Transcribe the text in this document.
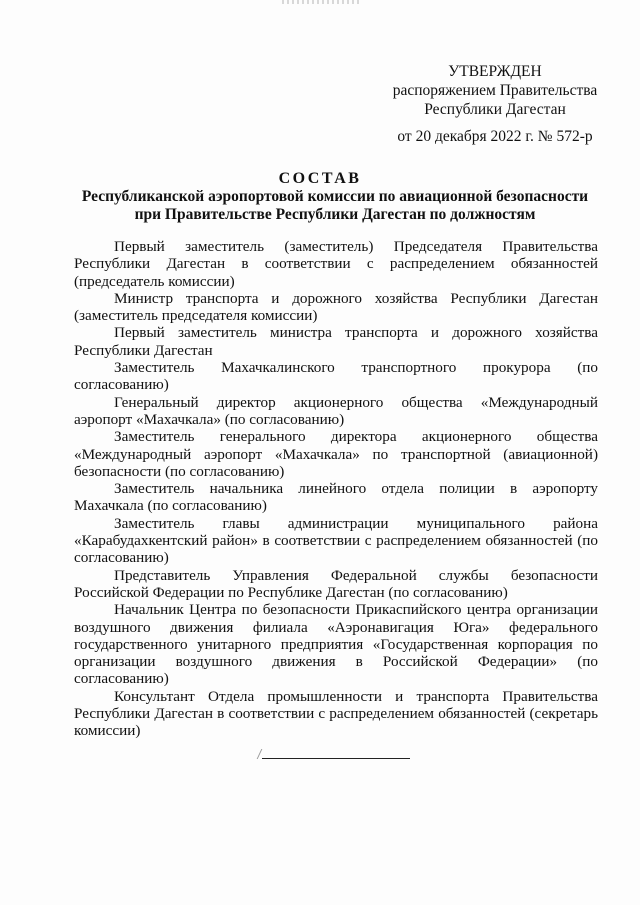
УТВЕРЖДЕН
распоряжением Правительства
Республики Дагестан
от 20 декабря 2022 г. № 572-р
СОСТАВ
Республиканской аэропортовой комиссии по авиационной безопасности
при Правительстве Республики Дагестан по должностям

Первый заместитель (заместитель) Председателя Правительства Республики Дагестан в соответствии с распределением обязанностей (председатель комиссии)

Министр транспорта и дорожного хозяйства Республики Дагестан (заместитель председателя комиссии)

Первый заместитель министра транспорта и дорожного хозяйства Республики Дагестан

Заместитель Махачкалинского транспортного прокурора (по согласованию)

Генеральный директор акционерного общества «Международный аэропорт «Махачкала» (по согласованию)

Заместитель генерального директора акционерного общества «Международный аэропорт «Махачкала» по транспортной (авиационной) безопасности (по согласованию)

Заместитель начальника линейного отдела полиции в аэропорту Махачкала (по согласованию)

Заместитель главы администрации муниципального района «Карабудахкентский район» в соответствии с распределением обязанностей (по согласованию)

Представитель Управления Федеральной службы безопасности Российской Федерации по Республике Дагестан (по согласованию)

Начальник Центра по безопасности Прикаспийского центра организации воздушного движения филиала «Аэронавигация Юга» федерального государственного унитарного предприятия «Государственная корпорация по организации воздушного движения в Российской Федерации» (по согласованию)

Консультант Отдела промышленности и транспорта Правительства Республики Дагестан в соответствии с распределением обязанностей (секретарь комиссии)
